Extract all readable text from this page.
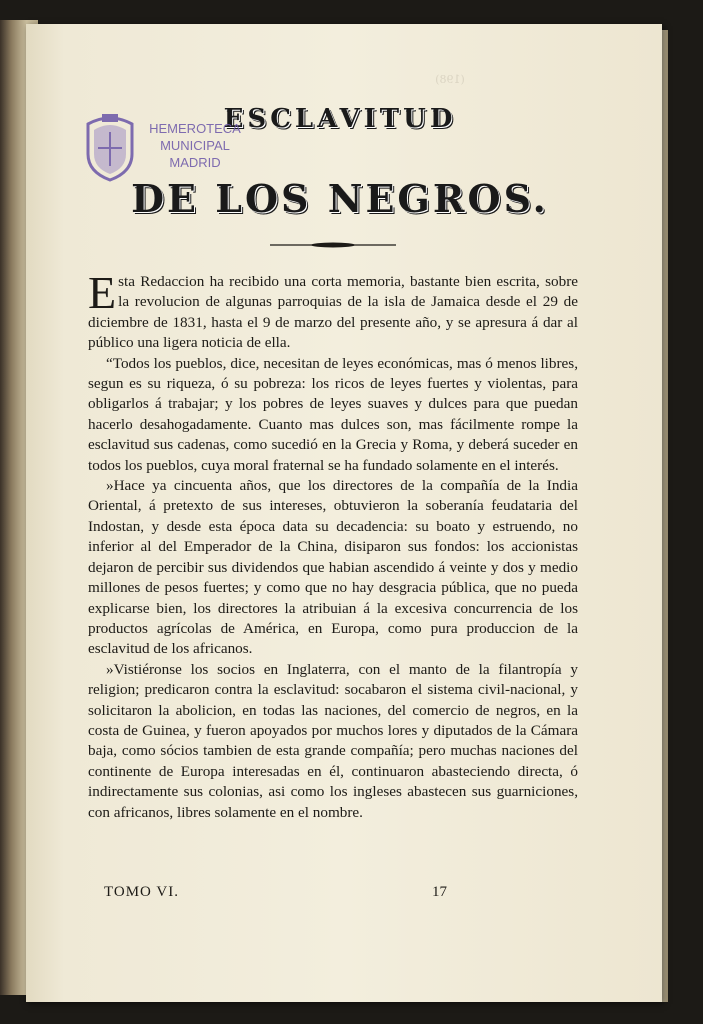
(198)
ESCLAVITUD
DE LOS NEGROS.
HEMEROTECA
MUNICIPAL
MADRID

Esta Redaccion ha recibido una corta memoria, bastante bien escrita, sobre la revolucion de algunas parroquias de la isla de Jamaica desde el 29 de diciembre de 1831, hasta el 9 de marzo del presente año, y se apresura á dar al público una ligera noticia de ella.

“Todos los pueblos, dice, necesitan de leyes económicas, mas ó menos libres, segun es su riqueza, ó su pobreza: los ricos de leyes fuertes y violentas, para obligarlos á trabajar; y los pobres de leyes suaves y dulces para que puedan hacerlo desahogadamente. Cuanto mas dulces son, mas fácilmente rompe la esclavitud sus cadenas, como sucedió en la Grecia y Roma, y deberá suceder en todos los pueblos, cuya moral fraternal se ha fundado solamente en el interés.

»Hace ya cincuenta años, que los directores de la compañía de la India Oriental, á pretexto de sus intereses, obtuvieron la soberanía feudataria del Indostan, y desde esta época data su decadencia: su boato y estruendo, no inferior al del Emperador de la China, disiparon sus fondos: los accionistas dejaron de percibir sus dividendos que habian ascendido á veinte y dos y medio millones de pesos fuertes; y como que no hay desgracia pública, que no pueda explicarse bien, los directores la atribuian á la excesiva concurrencia de los productos agrícolas de América, en Europa, como pura produccion de la esclavitud de los africanos.

»Vistiéronse los socios en Inglaterra, con el manto de la filantropía y religion; predicaron contra la esclavitud: socabaron el sistema civil-nacional, y solicitaron la abolicion, en todas las naciones, del comercio de negros, en la costa de Guinea, y fueron apoyados por muchos lores y diputados de la Cámara baja, como sócios tambien de esta grande compañía; pero muchas naciones del continente de Europa interesadas en él, continuaron abasteciendo directa, ó indirectamente sus colonias, asi como los ingleses abastecen sus guarniciones, con africanos, libres solamente en el nombre.

TOMO VI.	17
